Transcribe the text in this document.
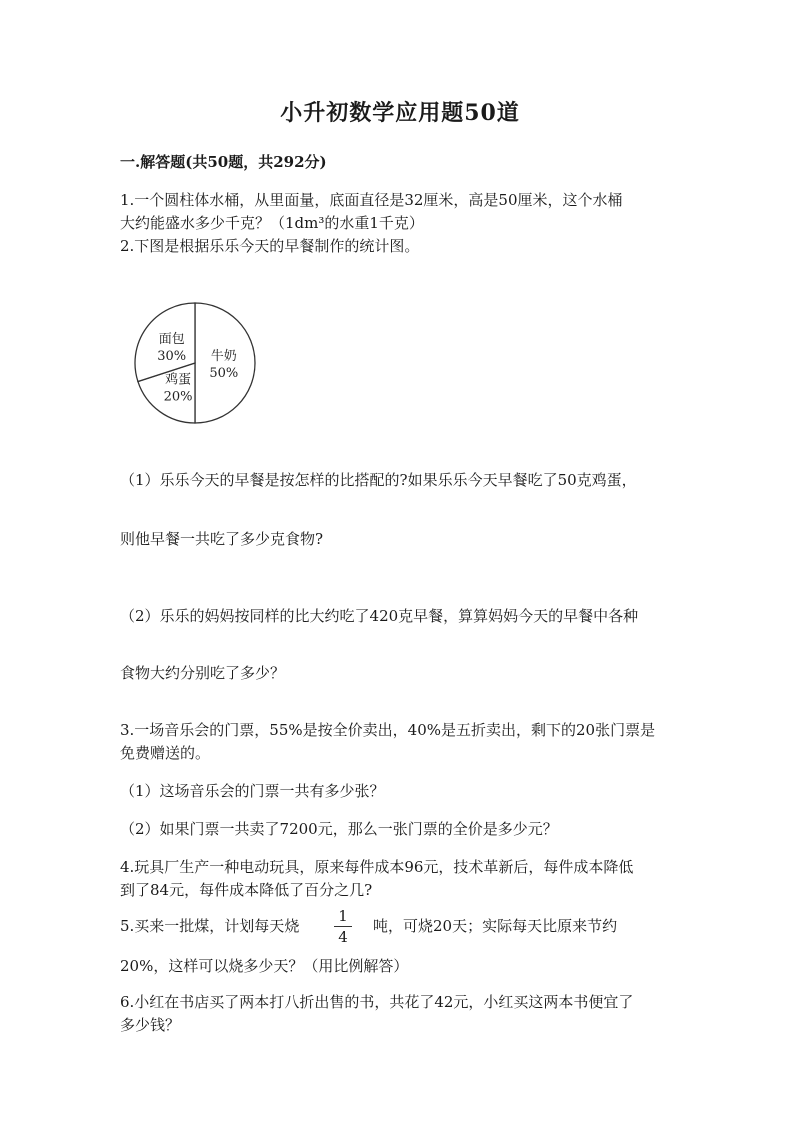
小升初数学应用题50道
一.解答题(共50题，共292分)
1.一个圆柱体水桶，从里面量，底面直径是32厘米，高是50厘米，这个水桶
大约能盛水多少千克？（1dm³的水重1千克）
2.下图是根据乐乐今天的早餐制作的统计图。
牛奶
50%
鸡蛋
20%
面包
30%
（1）乐乐今天的早餐是按怎样的比搭配的?如果乐乐今天早餐吃了50克鸡蛋，
则他早餐一共吃了多少克食物?
（2）乐乐的妈妈按同样的比大约吃了420克早餐，算算妈妈今天的早餐中各种
食物大约分别吃了多少？
3.一场音乐会的门票，55%是按全价卖出，40%是五折卖出，剩下的20张门票是
免费赠送的。
（1）这场音乐会的门票一共有多少张？
（2）如果门票一共卖了7200元，那么一张门票的全价是多少元？
4.玩具厂生产一种电动玩具，原来每件成本96元，技术革新后，每件成本降低
到了84元，每件成本降低了百分之几?
5.买来一批煤，计划每天烧
1
4
吨，可烧20天；实际每天比原来节约
20%，这样可以烧多少天？（用比例解答）
6.小红在书店买了两本打八折出售的书，共花了42元，小红买这两本书便宜了
多少钱？
